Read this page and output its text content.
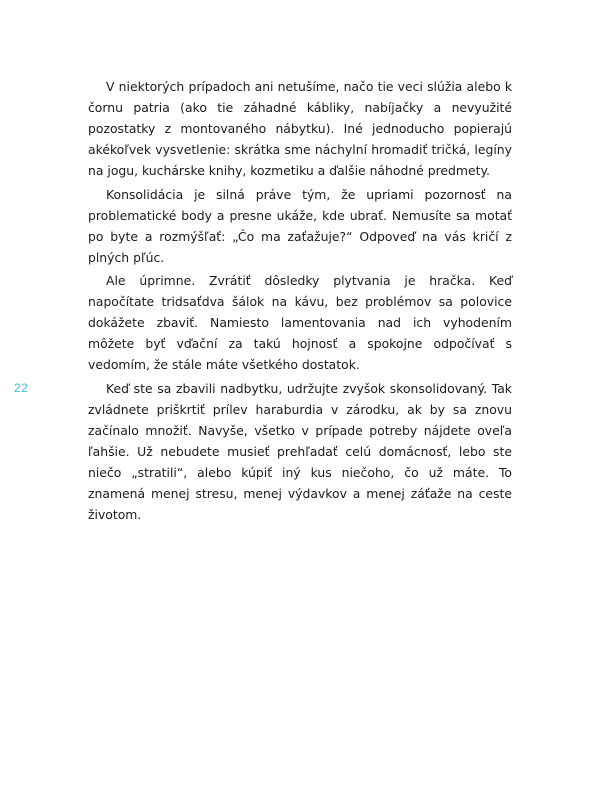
22

V niektorých prípadoch ani netušíme, načo tie veci slúžia alebo k čornu patria (ako tie záhadné kábliky, nabíjačky a nevyužité pozostatky z montovaného nábytku). Iné jednoducho popierajú akékoľvek vysvetlenie: skrátka sme náchylní hromadiť tričká, legíny na jogu, kuchárske knihy, kozmetiku a ďalšie náhodné predmety.

Konsolidácia je silná práve tým, že upriami pozornosť na problematické body a presne ukáže, kde ubrať. Nemusíte sa motať po byte a rozmýšľať: „Čo ma zaťažuje?“ Odpoveď na vás kričí z plných pľúc.

Ale úprimne. Zvrátiť dôsledky plytvania je hračka. Keď napočítate tridsaťdva šálok na kávu, bez problémov sa polovice dokážete zbaviť. Namiesto lamentovania nad ich vyhodením môžete byť vďační za takú hojnosť a spokojne odpočívať s vedomím, že stále máte všetkého dostatok.

Keď ste sa zbavili nadbytku, udržujte zvyšok skonsolidovaný. Tak zvládnete priškrtiť prílev haraburdia v zárodku, ak by sa znovu začínalo množiť. Navyše, všetko v prípade potreby nájdete oveľa ľahšie. Už nebudete musieť prehľadať celú domácnosť, lebo ste niečo „stratili“, alebo kúpiť iný kus niečoho, čo už máte. To znamená menej stresu, menej výdavkov a menej záťaže na ceste životom.
